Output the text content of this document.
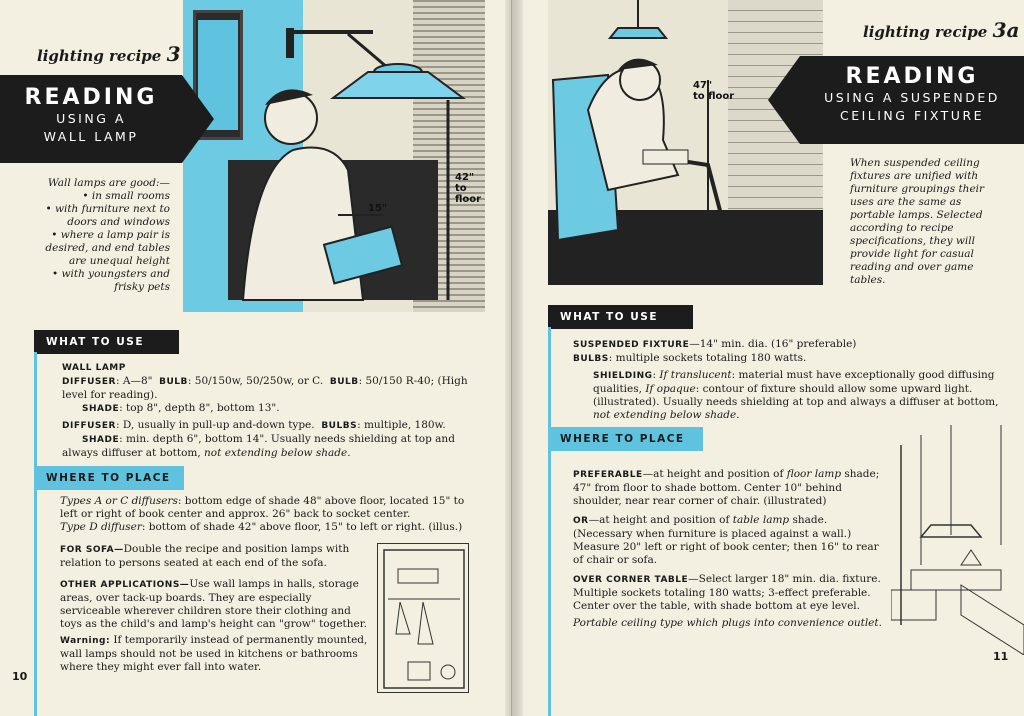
42"
to
floor
15"
lighting recipe 3
READING
USING A
WALL LAMP
Wall lamps are good:—
• in small rooms
• with furniture next to doors and windows
• where a lamp pair is desired, and end tables are unequal height
• with youngsters and frisky pets
WHAT TO USE
WALL LAMP

DIFFUSER: A—8" BULB: 50/150w, 50/250w, or C. BULB: 50/150 R-40; (High level for reading).
SHADE: top 8", depth 8", bottom 13".

DIFFUSER: D, usually in pull-up and-down type. BULBS: multiple, 180w.
SHADE: min. depth 6", bottom 14". Usually needs shielding at top and always diffuser at bottom, not extending below shade.

WHERE TO PLACE

Types A or C diffusers: bottom edge of shade 48" above floor, located 15" to left or right of book center and approx. 26" back to socket center.
Type D diffuser: bottom of shade 42" above floor, 15" to left or right. (illus.)

FOR SOFA—Double the recipe and position lamps with relation to persons seated at each end of the sofa.

OTHER APPLICATIONS—Use wall lamps in halls, storage areas, over tack-up boards. They are especially serviceable wherever children store their clothing and toys as the child's and lamp's height can "grow" together.

Warning: If temporarily instead of permanently mounted, wall lamps should not be used in kitchens or bathrooms where they might ever fall into water.

10
47"
to floor
lighting recipe 3a
READING
USING A SUSPENDED
CEILING FIXTURE
When suspended ceiling fixtures are unified with furniture groupings their uses are the same as portable lamps. Selected according to recipe specifications, they will provide light for casual reading and over game tables.
WHAT TO USE

SUSPENDED FIXTURE—14" min. dia. (16" preferable)
BULBS: multiple sockets totaling 180 watts.

SHIELDING: If translucent: material must have exceptionally good diffusing qualities, If opaque: contour of fixture should allow some upward light. (illustrated). Usually needs shielding at top and always a diffuser at bottom, not extending below shade.

WHERE TO PLACE

PREFERABLE—at height and position of floor lamp shade; 47" from floor to shade bottom. Center 10" behind shoulder, near rear corner of chair. (illustrated)

OR—at height and position of table lamp shade. (Necessary when furniture is placed against a wall.) Measure 20" left or right of book center; then 16" to rear of chair or sofa.

OVER CORNER TABLE—Select larger 18" min. dia. fixture. Multiple sockets totaling 180 watts; 3-effect preferable. Center over the table, with shade bottom at eye level.

Portable ceiling type which plugs into convenience outlet.

11
